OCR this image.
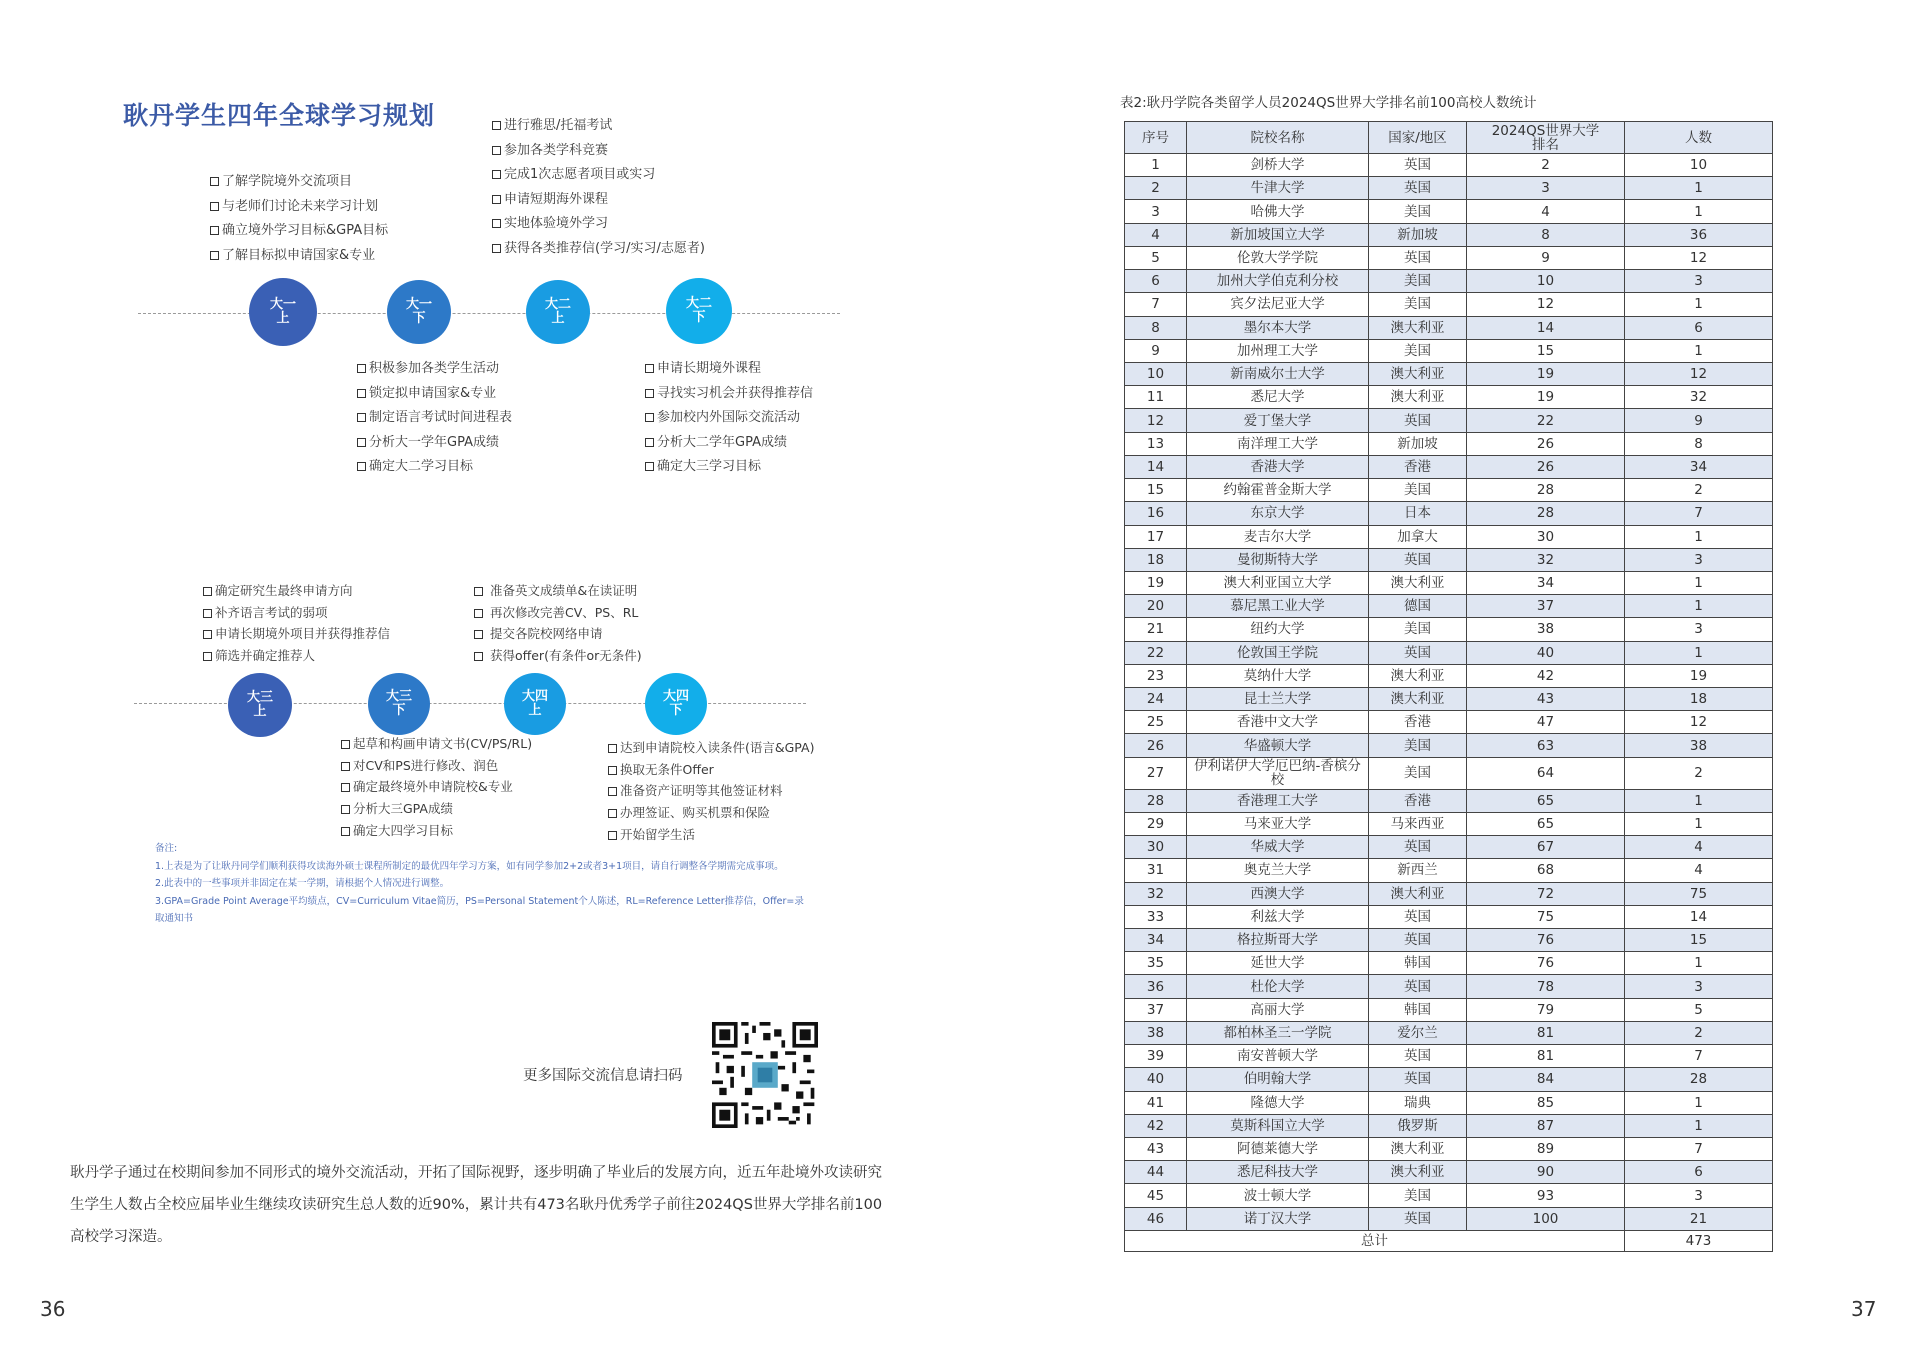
耿丹学生四年全球学习规划
了解学院境外交流项目
与老师们讨论未来学习计划
确立境外学习目标&GPA目标
了解目标拟申请国家&专业
进行雅思/托福考试
参加各类学科竞赛
完成1次志愿者项目或实习
申请短期海外课程
实地体验境外学习
获得各类推荐信(学习/实习/志愿者)
大一
上
大一
下
大二
上
大二
下
积极参加各类学生活动
锁定拟申请国家&专业
制定语言考试时间进程表
分析大一学年GPA成绩
确定大二学习目标
申请长期境外课程
寻找实习机会并获得推荐信
参加校内外国际交流活动
分析大二学年GPA成绩
确定大三学习目标
确定研究生最终申请方向
补齐语言考试的弱项
申请长期境外项目并获得推荐信
筛选并确定推荐人
准备英文成绩单&在读证明
再次修改完善CV、PS、RL
提交各院校网络申请
获得offer(有条件or无条件)
大三
上
大三
下
大四
上
大四
下
起草和构画申请文书(CV/PS/RL)
对CV和PS进行修改、润色
确定最终境外申请院校&专业
分析大三GPA成绩
确定大四学习目标
达到申请院校入读条件(语言&GPA)
换取无条件Offer
准备资产证明等其他签证材料
办理签证、购买机票和保险
开始留学生活
备注:
1.上表是为了让耿丹同学们顺利获得攻读海外硕士课程所制定的最优四年学习方案，如有同学参加2+2或者3+1项目，请自行调整各学期需完成事项。
2.此表中的一些事项并非固定在某一学期，请根据个人情况进行调整。
3.GPA=Grade Point Average平均绩点，CV=Curriculum Vitae简历，PS=Personal Statement个人陈述，RL=Reference Letter推荐信，Offer=录取通知书
更多国际交流信息请扫码
耿丹学子通过在校期间参加不同形式的境外交流活动，开拓了国际视野，逐步明确了毕业后的发展方向，近五年赴境外攻读研究生学生人数占全校应届毕业生继续攻读研究生总人数的近90%，累计共有473名耿丹优秀学子前往2024QS世界大学排名前100高校学习深造。
36
表2:耿丹学院各类留学人员2024QS世界大学排名前100高校人数统计
序号	院校名称	国家/地区	2024QS世界大学排名	人数
1	剑桥大学	英国	2	10
2	牛津大学	英国	3	1
3	哈佛大学	美国	4	1
4	新加坡国立大学	新加坡	8	36
5	伦敦大学学院	英国	9	12
6	加州大学伯克利分校	美国	10	3
7	宾夕法尼亚大学	美国	12	1
8	墨尔本大学	澳大利亚	14	6
9	加州理工大学	美国	15	1
10	新南威尔士大学	澳大利亚	19	12
11	悉尼大学	澳大利亚	19	32
12	爱丁堡大学	英国	22	9
13	南洋理工大学	新加坡	26	8
14	香港大学	香港	26	34
15	约翰霍普金斯大学	美国	28	2
16	东京大学	日本	28	7
17	麦吉尔大学	加拿大	30	1
18	曼彻斯特大学	英国	32	3
19	澳大利亚国立大学	澳大利亚	34	1
20	慕尼黑工业大学	德国	37	1
21	纽约大学	美国	38	3
22	伦敦国王学院	英国	40	1
23	莫纳什大学	澳大利亚	42	19
24	昆士兰大学	澳大利亚	43	18
25	香港中文大学	香港	47	12
26	华盛顿大学	美国	63	38
27	伊利诺伊大学厄巴纳-香槟分校	美国	64	2
28	香港理工大学	香港	65	1
29	马来亚大学	马来西亚	65	1
30	华威大学	英国	67	4
31	奥克兰大学	新西兰	68	4
32	西澳大学	澳大利亚	72	75
33	利兹大学	英国	75	14
34	格拉斯哥大学	英国	76	15
35	延世大学	韩国	76	1
36	杜伦大学	英国	78	3
37	高丽大学	韩国	79	5
38	都柏林圣三一学院	爱尔兰	81	2
39	南安普顿大学	英国	81	7
40	伯明翰大学	英国	84	28
41	隆德大学	瑞典	85	1
42	莫斯科国立大学	俄罗斯	87	1
43	阿德莱德大学	澳大利亚	89	7
44	悉尼科技大学	澳大利亚	90	6
45	波士顿大学	美国	93	3
46	诺丁汉大学	英国	100	21
总计				473
37
